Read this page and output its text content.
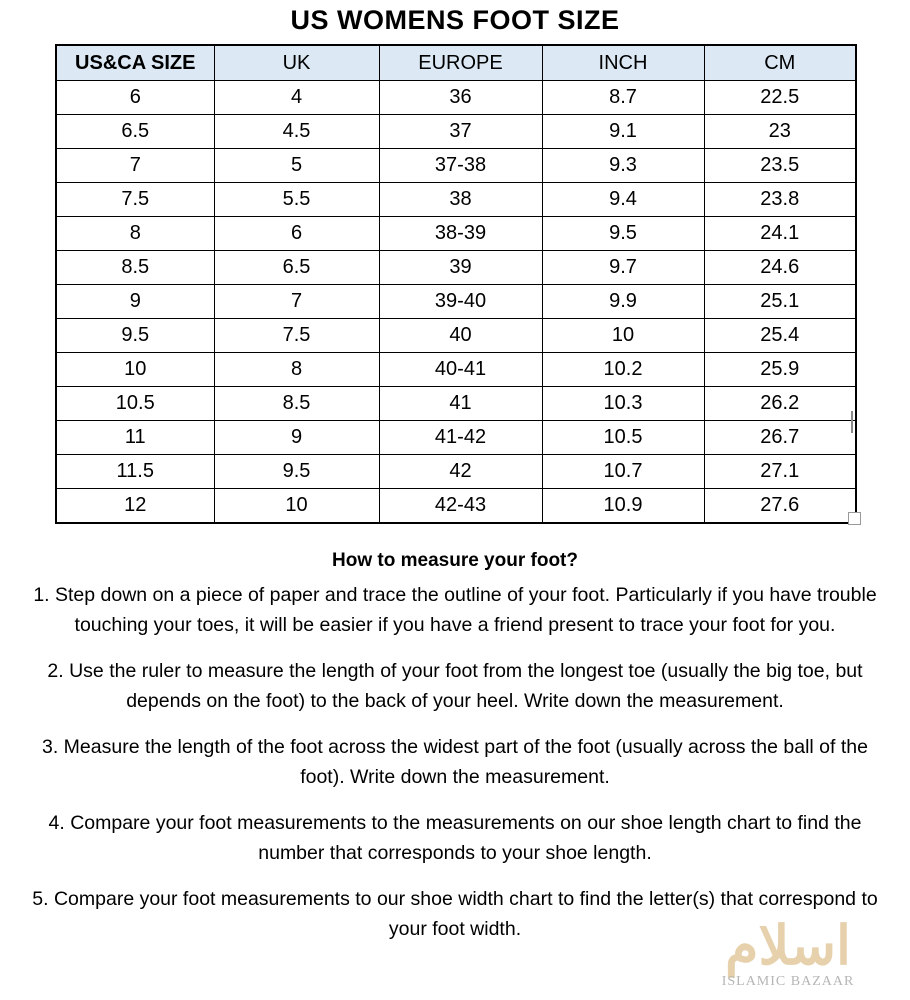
US WOMENS FOOT SIZE
US&CA SIZE	UK	EUROPE	INCH	CM
6	4	36	8.7	22.5
6.5	4.5	37	9.1	23
7	5	37-38	9.3	23.5
7.5	5.5	38	9.4	23.8
8	6	38-39	9.5	24.1
8.5	6.5	39	9.7	24.6
9	7	39-40	9.9	25.1
9.5	7.5	40	10	25.4
10	8	40-41	10.2	25.9
10.5	8.5	41	10.3	26.2
11	9	41-42	10.5	26.7
11.5	9.5	42	10.7	27.1
12	10	42-43	10.9	27.6
How to measure your foot?
1. Step down on a piece of paper and trace the outline of your foot. Particularly if you have trouble touching your toes, it will be easier if you have a friend present to trace your foot for you.
2. Use the ruler to measure the length of your foot from the longest toe (usually the big toe, but depends on the foot) to the back of your heel. Write down the measurement.
3. Measure the length of the foot across the widest part of the foot (usually across the ball of the foot). Write down the measurement.
4. Compare your foot measurements to the measurements on our shoe length chart to find the number that corresponds to your shoe length.
5. Compare your foot measurements to our shoe width chart to find the letter(s) that correspond to your foot width.	اسلام
ISLAMIC BAZAAR
